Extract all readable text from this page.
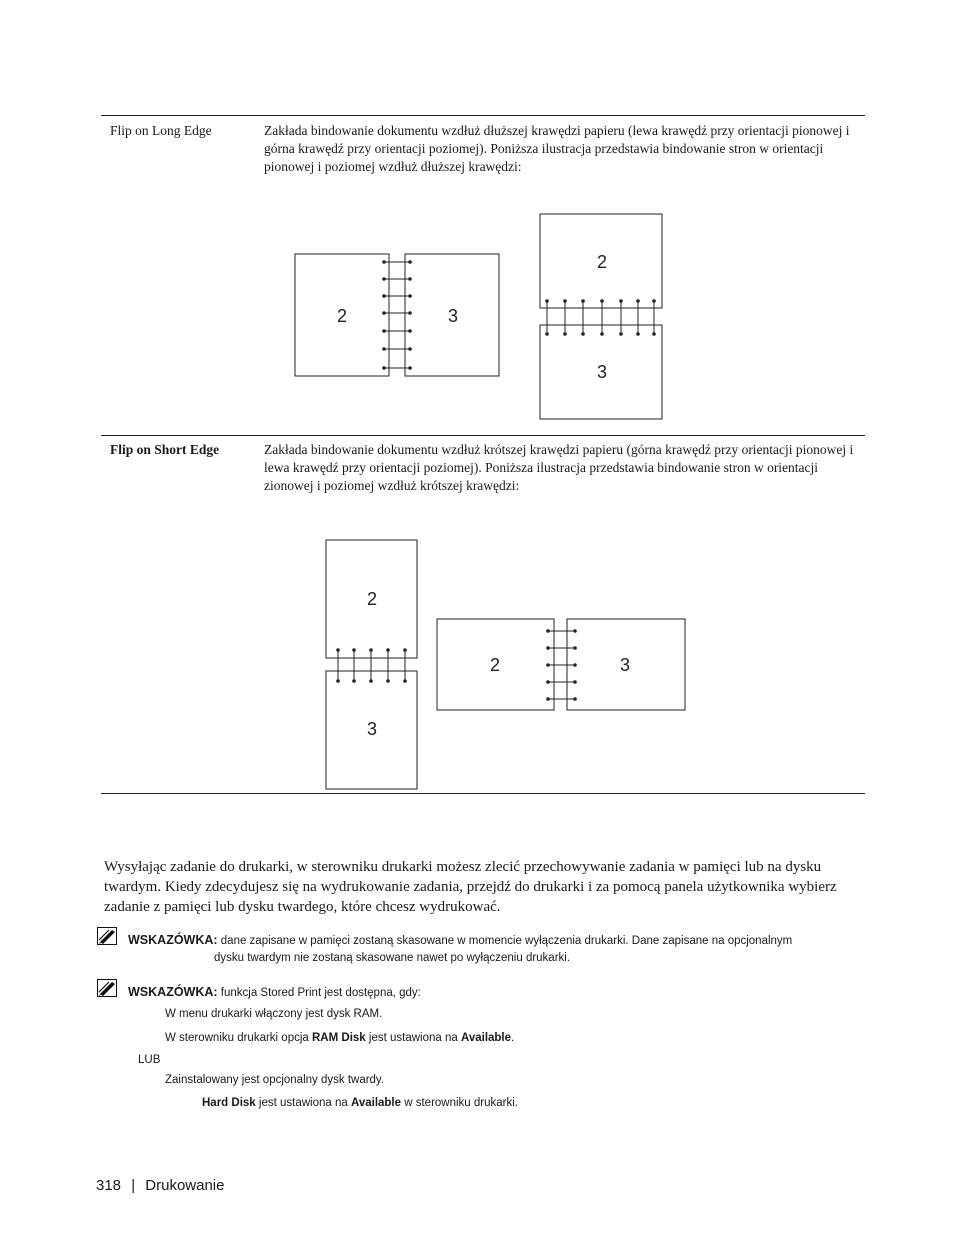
Flip on Long Edge	Zakłada bindowanie dokumentu wzdłuż dłuższej krawędzi papieru (lewa krawędź przy orientacji pionowej i górna krawędź przy orientacji poziomej). Poniższa ilustracja przedstawia bindowanie stron w orientacji pionowej i poziomej wzdłuż dłuższej krawędzi:
2	3
2
3
Flip on Short Edge	Zakłada bindowanie dokumentu wzdłuż krótszej krawędzi papieru (górna krawędź przy orientacji pionowej i lewa krawędź przy orientacji poziomej). Poniższa ilustracja przedstawia bindowanie stron w orientacji zionowej i poziomej wzdłuż krótszej krawędzi:
2
3
2	3
Wysyłając zadanie do drukarki, w sterowniku drukarki możesz zlecić przechowywanie zadania w pamięci lub na dysku twardym. Kiedy zdecydujesz się na wydrukowanie zadania, przejdź do drukarki i za pomocą panela użytkownika wybierz zadanie z pamięci lub dysku twardego, które chcesz wydrukować.
WSKAZÓWKA: dane zapisane w pamięci zostaną skasowane w momencie wyłączenia drukarki. Dane zapisane na opcjonalnym
dysku twardym nie zostaną skasowane nawet po wyłączeniu drukarki.
WSKAZÓWKA: funkcja Stored Print jest dostępna, gdy:
W menu drukarki włączony jest dysk RAM.
W sterowniku drukarki opcja RAM Disk jest ustawiona na Available.
LUB
Zainstalowany jest opcjonalny dysk twardy.
Hard Disk jest ustawiona na Available w sterowniku drukarki.
318 | Drukowanie
